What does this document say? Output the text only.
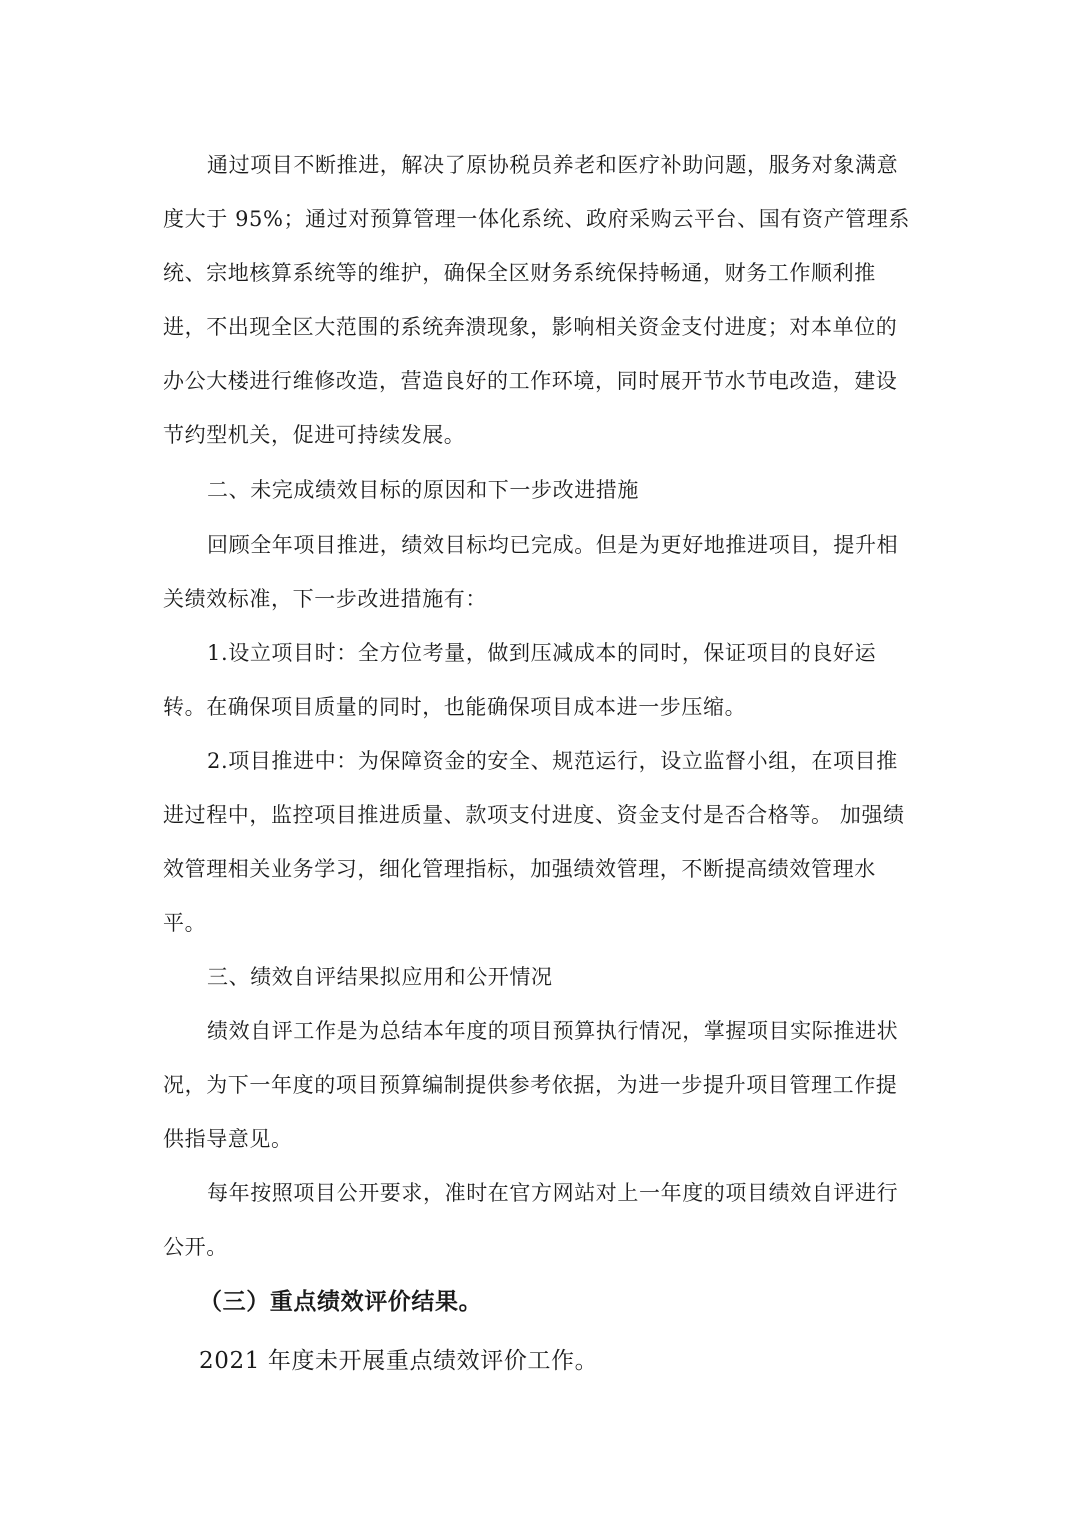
通过项目不断推进，解决了原协税员养老和医疗补助问题，服务对象满意
度大于 95%；通过对预算管理一体化系统、政府采购云平台、国有资产管理系
统、宗地核算系统等的维护，确保全区财务系统保持畅通，财务工作顺利推
进，不出现全区大范围的系统奔溃现象，影响相关资金支付进度；对本单位的
办公大楼进行维修改造，营造良好的工作环境，同时展开节水节电改造，建设
节约型机关，促进可持续发展。
二、未完成绩效目标的原因和下一步改进措施
回顾全年项目推进，绩效目标均已完成。但是为更好地推进项目，提升相
关绩效标准，下一步改进措施有：
1.设立项目时：全方位考量，做到压减成本的同时，保证项目的良好运
转。在确保项目质量的同时，也能确保项目成本进一步压缩。
2.项目推进中：为保障资金的安全、规范运行，设立监督小组，在项目推
进过程中，监控项目推进质量、款项支付进度、资金支付是否合格等。 加强绩
效管理相关业务学习，细化管理指标，加强绩效管理，不断提高绩效管理水
平。
三、绩效自评结果拟应用和公开情况
绩效自评工作是为总结本年度的项目预算执行情况，掌握项目实际推进状
况，为下一年度的项目预算编制提供参考依据，为进一步提升项目管理工作提
供指导意见。
每年按照项目公开要求，准时在官方网站对上一年度的项目绩效自评进行
公开。
（三）重点绩效评价结果。
2021 年度未开展重点绩效评价工作。
